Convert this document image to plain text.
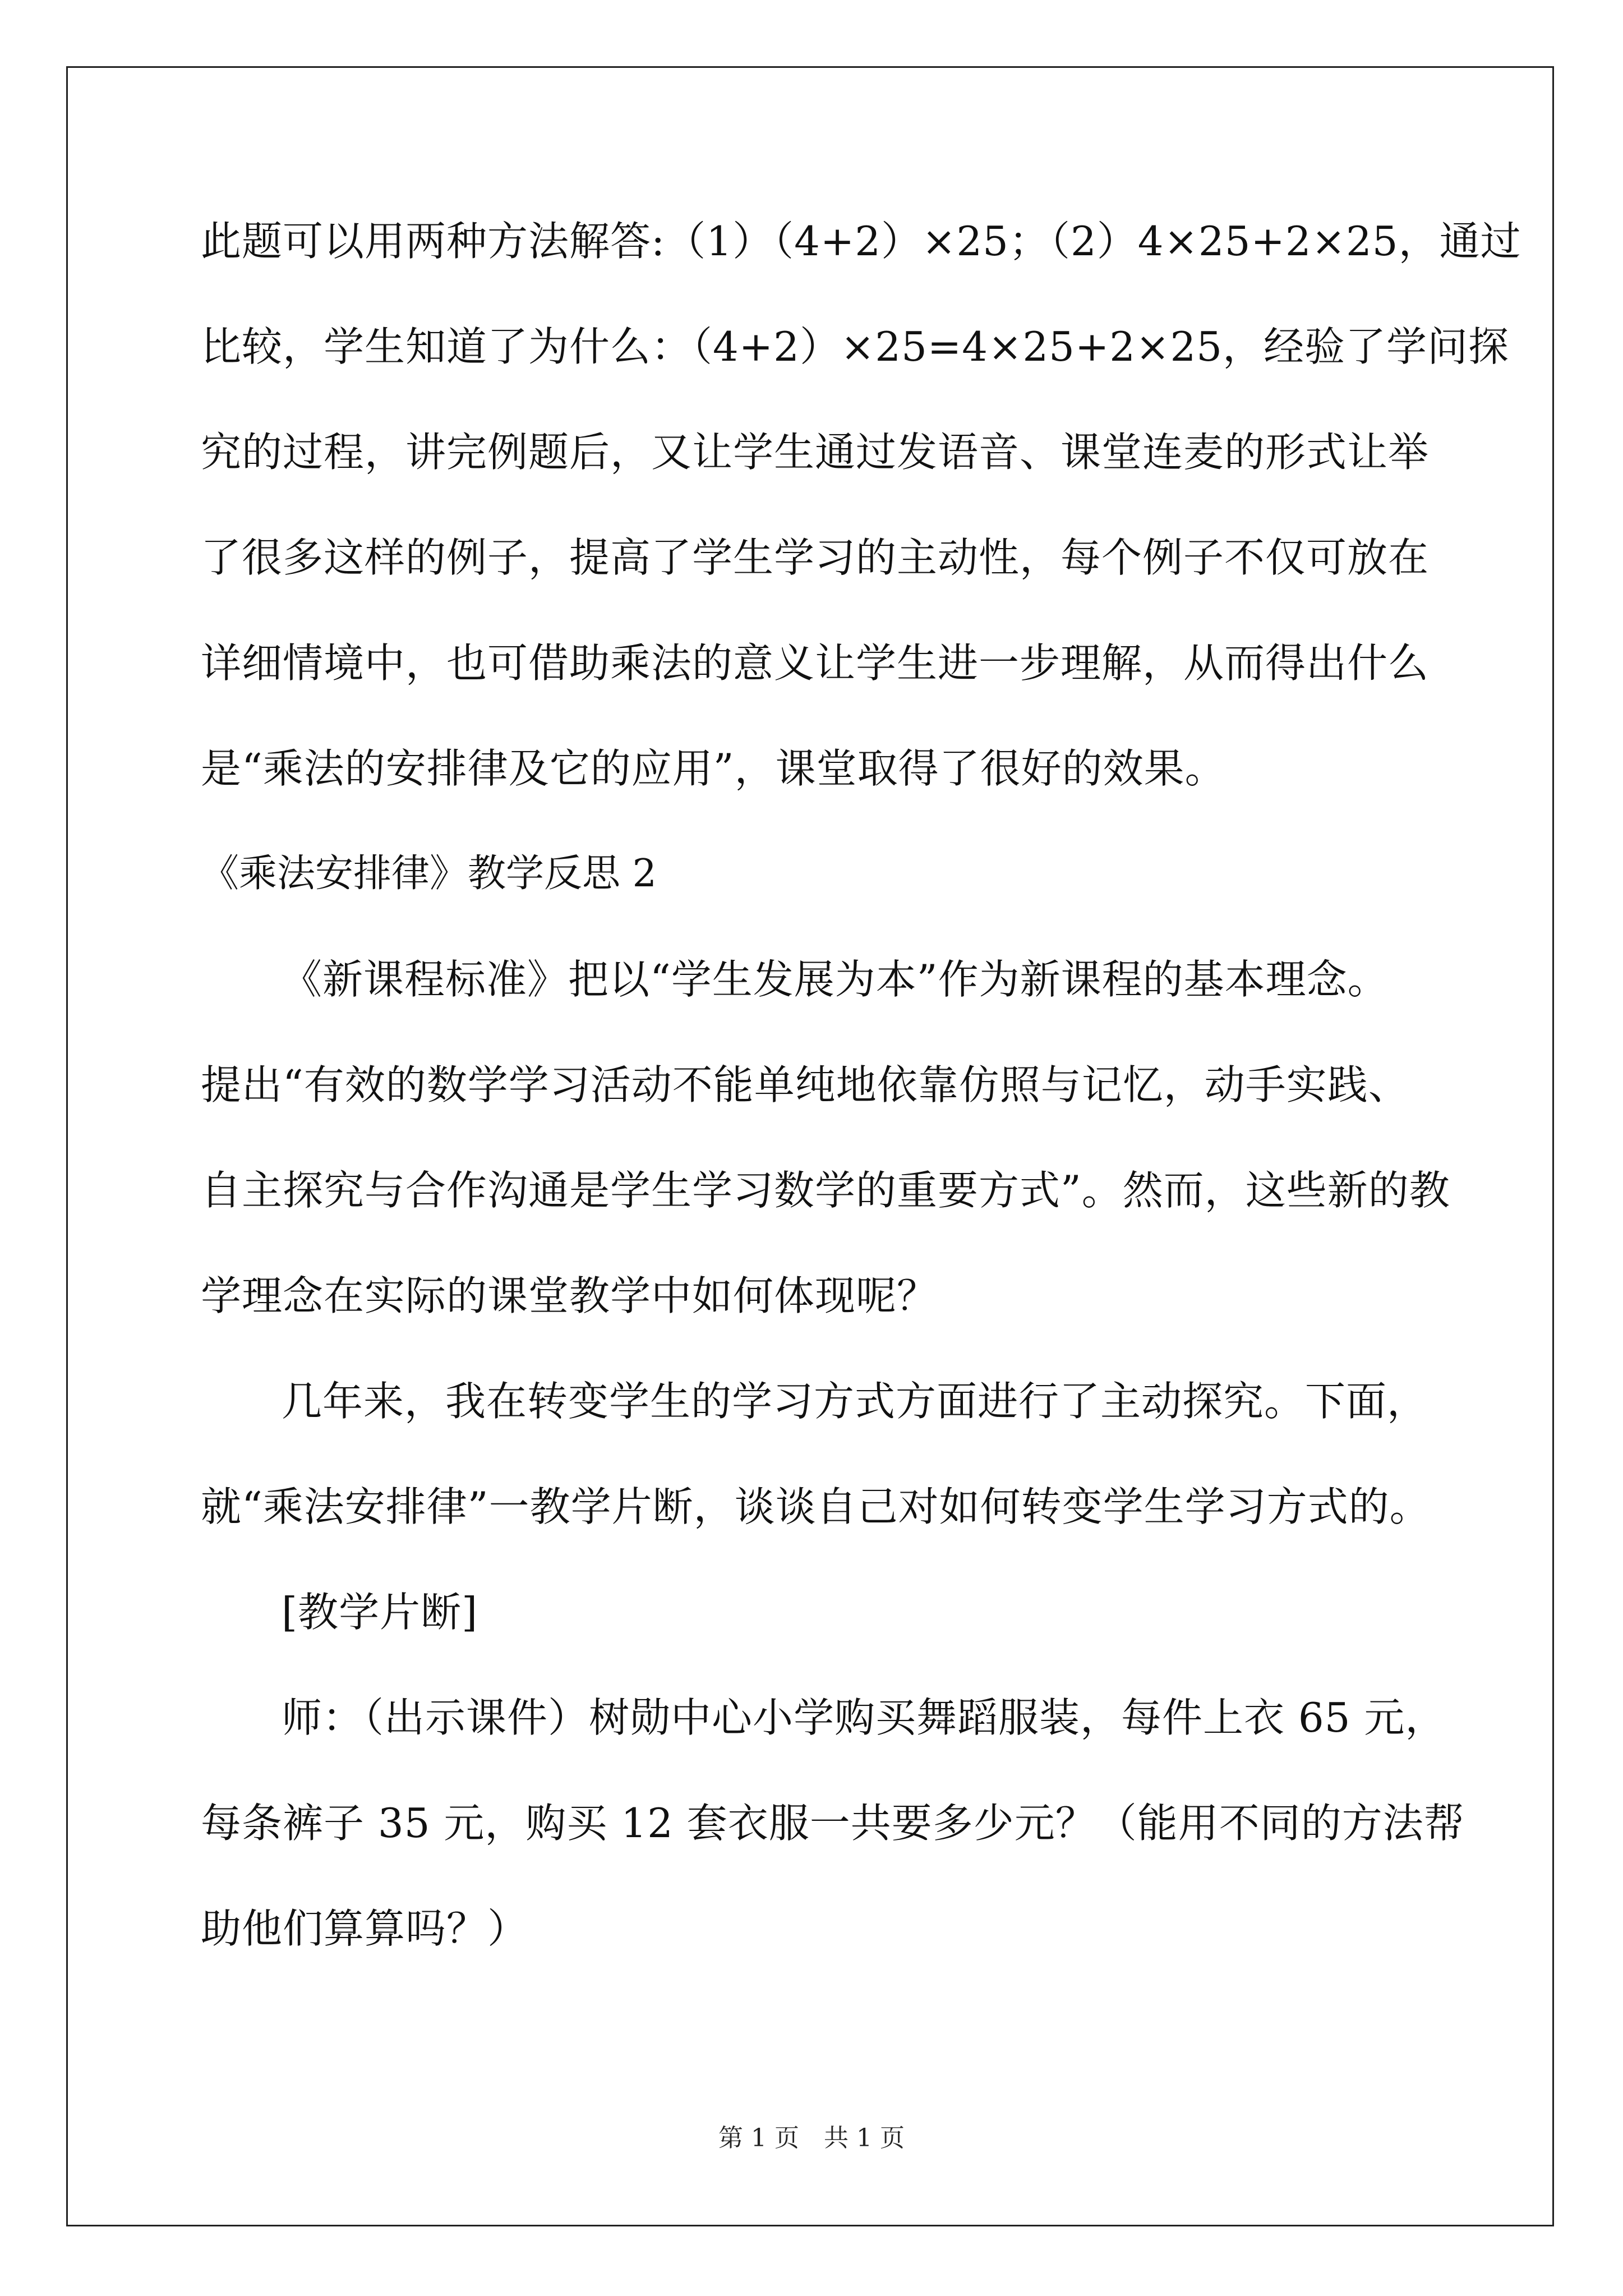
此题可以用两种方法解答:（1）（4+2）×25；（2）4×25+2×25，通过
比较，学生知道了为什么：（4+2）×25=4×25+2×25，经验了学问探
究的过程，讲完例题后，又让学生通过发语音、课堂连麦的形式让举
了很多这样的例子，提高了学生学习的主动性，每个例子不仅可放在
详细情境中，也可借助乘法的意义让学生进一步理解，从而得出什么
是“乘法的安排律及它的应用”，课堂取得了很好的效果。
《乘法安排律》教学反思 2
《新课程标准》把以“学生发展为本”作为新课程的基本理念。
提出“有效的数学学习活动不能单纯地依靠仿照与记忆，动手实践、
自主探究与合作沟通是学生学习数学的重要方式”。然而，这些新的教
学理念在实际的课堂教学中如何体现呢？
几年来，我在转变学生的学习方式方面进行了主动探究。下面，
就“乘法安排律”一教学片断，谈谈自己对如何转变学生学习方式的。
[教学片断]
师：（出示课件）树勋中心小学购买舞蹈服装，每件上衣 65 元，
每条裤子 35 元，购买 12 套衣服一共要多少元？（能用不同的方法帮
助他们算算吗？）
第 1 页　共 1 页
